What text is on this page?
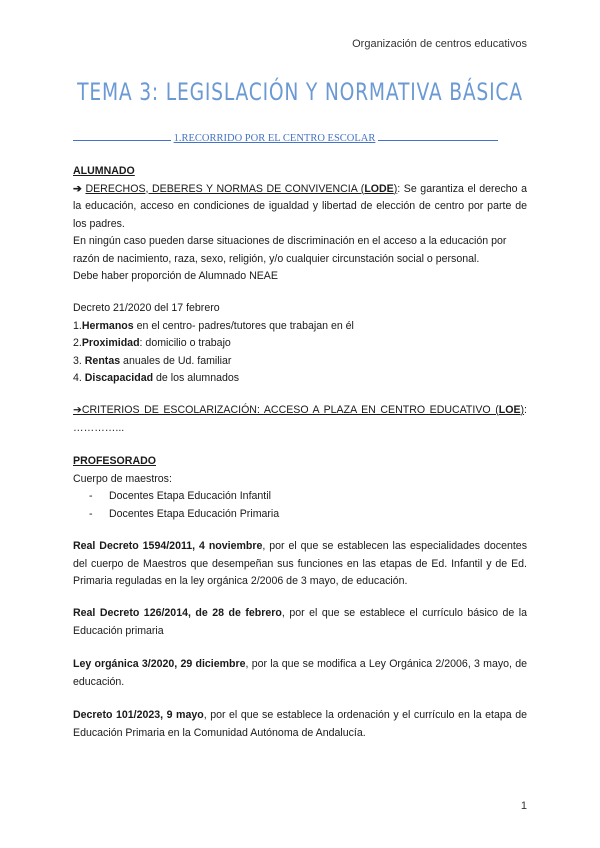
Organización de centros educativos
TEMA 3: LEGISLACIÓN Y NORMATIVA BÁSICA
1.RECORRIDO POR EL CENTRO ESCOLAR

ALUMNADO

➔ DERECHOS, DEBERES Y NORMAS DE CONVIVENCIA (LODE): Se garantiza el derecho a la educación, acceso en condiciones de igualdad y libertad de elección de centro por parte de los padres.

En ningún caso pueden darse situaciones de discriminación en el acceso a la educación por razón de nacimiento, raza, sexo, religión, y/o cualquier circunstación social o personal.

Debe haber proporción de Alumnado NEAE

Decreto 21/2020 del 17 febrero

1.Hermanos en el centro- padres/tutores que trabajan en él

2.Proximidad: domicilio o trabajo

3. Rentas anuales de Ud. familiar

4. Discapacidad de los alumnados

➔CRITERIOS DE ESCOLARIZACIÓN: ACCESO A PLAZA EN CENTRO EDUCATIVO (LOE):

…………...

PROFESORADO

Cuerpo de maestros:

- Docentes Etapa Educación Infantil
- Docentes Etapa Educación Primaria
Real Decreto 1594/2011, 4 noviembre, por el que se establecen las especialidades docentes del cuerpo de Maestros que desempeñan sus funciones en las etapas de Ed. Infantil y de Ed. Primaria reguladas en la ley orgánica 2/2006 de 3 mayo, de educación.
Real Decreto 126/2014, de 28 de febrero, por el que se establece el currículo básico de la Educación primaria
Ley orgánica 3/2020, 29 diciembre, por la que se modifica a Ley Orgánica 2/2006, 3 mayo, de educación.
Decreto 101/2023, 9 mayo, por el que se establece la ordenación y el currículo en la etapa de Educación Primaria en la Comunidad Autónoma de Andalucía.
1
